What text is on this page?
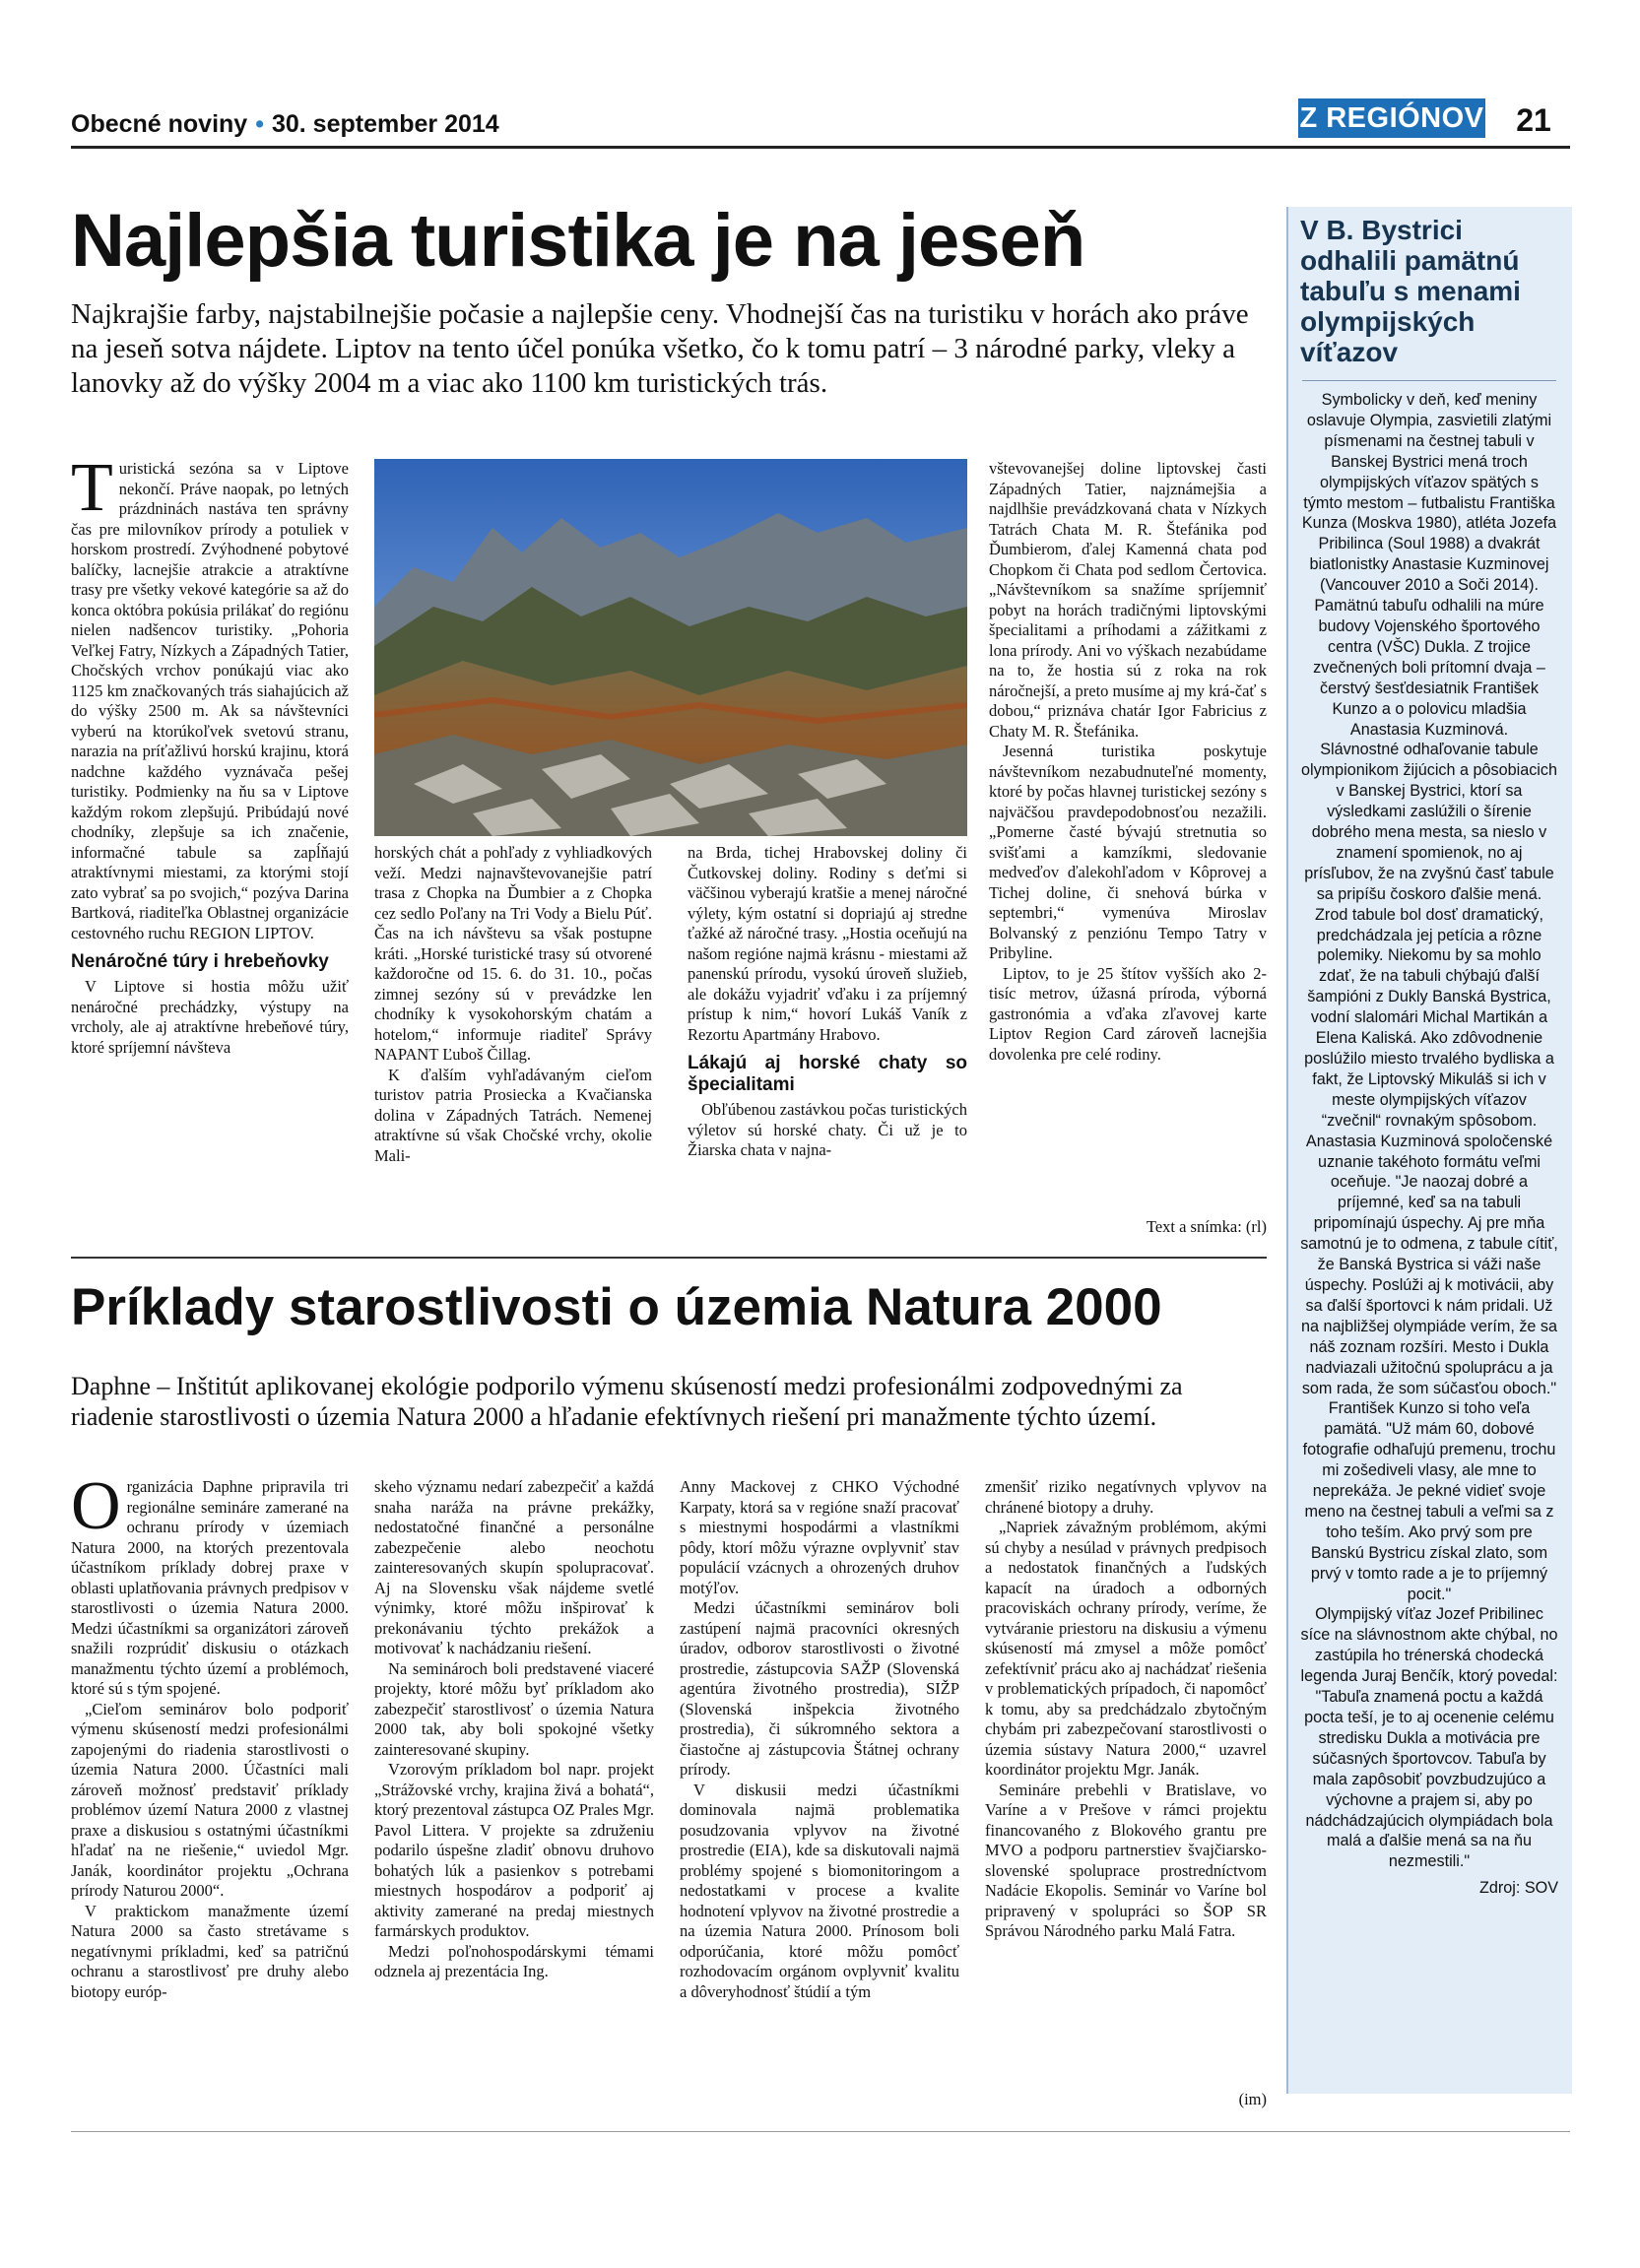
Obecné noviny • 30. september 2014	Z REGIÓNOV	21
Najlepšia turistika je na jeseň
Najkrajšie farby, najstabilnejšie počasie a najlepšie ceny. Vhodnejší čas na turistiku v horách ako práve na jeseň sotva nájdete. Liptov na tento účel ponúka všetko, čo k tomu patrí – 3 národné parky, vleky a lanovky až do výšky 2004 m a viac ako 1100 km turistických trás.

Turistická sezóna sa v Liptove nekončí. Práve naopak, po letných prázdninách nastáva ten správny čas pre milovníkov prírody a potuliek v horskom prostredí. Zvýhodnené pobytové balíčky, lacnejšie atrakcie a atraktívne trasy pre všetky vekové kategórie sa až do konca októbra pokúsia prilákať do regiónu nielen nadšencov turistiky. „Pohoria Veľkej Fatry, Nízkych a Západných Tatier, Chočských vrchov ponúkajú viac ako 1125 km značkovaných trás siahajúcich až do výšky 2500 m. Ak sa návštevníci vyberú na ktorúkoľvek svetovú stranu, narazia na príťažlivú horskú krajinu, ktorá nadchne každého vyznávača pešej turistiky. Podmienky na ňu sa v Liptove každým rokom zlepšujú. Pribúdajú nové chodníky, zlepšuje sa ich značenie, informačné tabule sa zapĺňajú atraktívnymi miestami, za ktorými stojí zato vybrať sa po svojich,“ pozýva Darina Bartková, riaditeľka Oblastnej organizácie cestovného ruchu REGION LIPTOV.

Nenáročné túry i hrebeňovky

V Liptove si hostia môžu užiť nenáročné prechádzky, výstupy na vrcholy, ale aj atraktívne hrebeňové túry, ktoré spríjemní návšteva

horských chát a pohľady z vyhliadkových veží. Medzi najnavštevovanejšie patrí trasa z Chopka na Ďumbier a z Chopka cez sedlo Poľany na Tri Vody a Bielu Púť. Čas na ich návštevu sa však postupne kráti. „Horské turistické trasy sú otvorené každoročne od 15. 6. do 31. 10., počas zimnej sezóny sú v prevádzke len chodníky k vysokohorským chatám a hotelom,“ informuje riaditeľ Správy NAPANT Ľuboš Čillag.

K ďalším vyhľadávaným cieľom turistov patria Prosiecka a Kvačianska dolina v Západných Tatrách. Nemenej atraktívne sú však Chočské vrchy, okolie Mali-

na Brda, tichej Hrabovskej doliny či Čutkovskej doliny. Rodiny s deťmi si väčšinou vyberajú kratšie a menej náročné výlety, kým ostatní si dopriajú aj stredne ťažké až náročné trasy. „Hostia oceňujú na našom regióne najmä krásnu - miestami až panenskú prírodu, vysokú úroveň služieb, ale dokážu vyjadriť vďaku i za príjemný prístup k nim,“ hovorí Lukáš Vaník z Rezortu Apartmány Hrabovo.

Lákajú aj horské chaty so špecialitami

Obľúbenou zastávkou počas turistických výletov sú horské chaty. Či už je to Žiarska chata v najna-

vštevovanejšej doline liptovskej časti Západných Tatier, najznámejšia a najdlhšie prevádzkovaná chata v Nízkych Tatrách Chata M. R. Štefánika pod Ďumbierom, ďalej Kamenná chata pod Chopkom či Chata pod sedlom Čertovica. „Návštevníkom sa snažíme spríjemniť pobyt na horách tradičnými liptovskými špecialitami a príhodami a zážitkami z lona prírody. Ani vo výškach nezabúdame na to, že hostia sú z roka na rok náročnejší, a preto musíme aj my krá-čať s dobou,“ priznáva chatár Igor Fabricius z Chaty M. R. Štefánika.

Jesenná turistika poskytuje návštevníkom nezabudnuteľné momenty, ktoré by počas hlavnej turistickej sezóny s najväčšou pravdepodobnosťou nezažili. „Pomerne časté bývajú stretnutia so svišťami a kamzíkmi, sledovanie medveďov ďalekohľadom v Kôprovej a Tichej doline, či snehová búrka v septembri,“ vymenúva Miroslav Bolvanský z penziónu Tempo Tatry v Pribyline.

Liptov, to je 25 štítov vyšších ako 2-tisíc metrov, úžasná príroda, výborná gastronómia a vďaka zľavovej karte Liptov Region Card zároveň lacnejšia dovolenka pre celé rodiny.

Text a snímka: (rl)
Príklady starostlivosti o územia Natura 2000
Daphne – Inštitút aplikovanej ekológie podporilo výmenu skúseností medzi profesionálmi zodpovednými za riadenie starostlivosti o územia Natura 2000 a hľadanie efektívnych riešení pri manažmente týchto území.

Organizácia Daphne pripravila tri regionálne semináre zamerané na ochranu prírody v územiach Natura 2000, na ktorých prezentovala účastníkom príklady dobrej praxe v oblasti uplatňovania právnych predpisov v starostlivosti o územia Natura 2000. Medzi účastníkmi sa organizátori zároveň snažili rozprúdiť diskusiu o otázkach manažmentu týchto území a problémoch, ktoré sú s tým spojené.

„Cieľom seminárov bolo podporiť výmenu skúseností medzi profesionálmi zapojenými do riadenia starostlivosti o územia Natura 2000. Účastníci mali zároveň možnosť predstaviť príklady problémov území Natura 2000 z vlastnej praxe a diskusiou s ostatnými účastníkmi hľadať na ne riešenie,“ uviedol Mgr. Janák, koordinátor projektu „Ochrana prírody Naturou 2000“.

V praktickom manažmente území Natura 2000 sa často stretávame s negatívnymi príkladmi, keď sa patričnú ochranu a starostlivosť pre druhy alebo biotopy európ-

skeho významu nedarí zabezpečiť a každá snaha naráža na právne prekážky, nedostatočné finančné a personálne zabezpečenie alebo neochotu zainteresovaných skupín spolupracovať. Aj na Slovensku však nájdeme svetlé výnimky, ktoré môžu inšpirovať k prekonávaniu týchto prekážok a motivovať k nachádzaniu riešení.

Na seminároch boli predstavené viaceré projekty, ktoré môžu byť príkladom ako zabezpečiť starostlivosť o územia Natura 2000 tak, aby boli spokojné všetky zainteresované skupiny.

Vzorovým príkladom bol napr. projekt „Strážovské vrchy, krajina živá a bohatá“, ktorý prezentoval zástupca OZ Prales Mgr. Pavol Littera. V projekte sa združeniu podarilo úspešne zladiť obnovu druhovo bohatých lúk a pasienkov s potrebami miestnych hospodárov a podporiť aj aktivity zamerané na predaj miestnych farmárskych produktov.

Medzi poľnohospodárskymi témami odznela aj prezentácia Ing.

Anny Mackovej z CHKO Východné Karpaty, ktorá sa v regióne snaží pracovať s miestnymi hospodármi a vlastníkmi pôdy, ktorí môžu výrazne ovplyvniť stav populácií vzácnych a ohrozených druhov motýľov.

Medzi účastníkmi seminárov boli zastúpení najmä pracovníci okresných úradov, odborov starostlivosti o životné prostredie, zástupcovia SAŽP (Slovenská agentúra životného prostredia), SIŽP (Slovenská inšpekcia životného prostredia), či súkromného sektora a čiastočne aj zástupcovia Štátnej ochrany prírody.

V diskusii medzi účastníkmi dominovala najmä problematika posudzovania vplyvov na životné prostredie (EIA), kde sa diskutovali najmä problémy spojené s biomonitoringom a nedostatkami v procese a kvalite hodnotení vplyvov na životné prostredie a na územia Natura 2000. Prínosom boli odporúčania, ktoré môžu pomôcť rozhodovacím orgánom ovplyvniť kvalitu a dôveryhodnosť štúdií a tým

zmenšiť riziko negatívnych vplyvov na chránené biotopy a druhy.

„Napriek závažným problémom, akými sú chyby a nesúlad v právnych predpisoch a nedostatok finančných a ľudských kapacít na úradoch a odborných pracoviskách ochrany prírody, veríme, že vytváranie priestoru na diskusiu a výmenu skúseností má zmysel a môže pomôcť zefektívniť prácu ako aj nachádzať riešenia v problematických prípadoch, či napomôcť k tomu, aby sa predchádzalo zbytočným chybám pri zabezpečovaní starostlivosti o územia sústavy Natura 2000,“ uzavrel koordinátor projektu Mgr. Janák.

Semináre prebehli v Bratislave, vo Varíne a v Prešove v rámci projektu financovaného z Blokového grantu pre MVO a podporu partnerstiev švajčiarsko-slovenské spoluprace prostredníctvom Nadácie Ekopolis. Seminár vo Varíne bol pripravený v spolupráci so ŠOP SR Správou Národného parku Malá Fatra.

(im)
V B. Bystrici odhalili pamätnú tabuľu s menami olympijských víťazov

Symbolicky v deň, keď meniny oslavuje Olympia, zasvietili zlatými písmenami na čestnej tabuli v Banskej Bystrici mená troch olympijských víťazov spätých s týmto mestom – futbalistu Františka Kunza (Moskva 1980), atléta Jozefa Pribilinca (Soul 1988) a dvakrát biatlonistky Anastasie Kuzminovej (Vancouver 2010 a Soči 2014). Pamätnú tabuľu odhalili na múre budovy Vojenského športového centra (VŠC) Dukla. Z trojice zvečnených boli prítomní dvaja – čerstvý šesťdesiatnik František Kunzo a o polovicu mladšia Anastasia Kuzminová.

Slávnostné odhaľovanie tabule olympionikom žijúcich a pôsobiacich v Banskej Bystrici, ktorí sa výsledkami zaslúžili o šírenie dobrého mena mesta, sa nieslo v znamení spomienok, no aj prísľubov, že na zvyšnú časť tabule sa pripíšu čoskoro ďalšie mená. Zrod tabule bol dosť dramatický, predchádzala jej petícia a rôzne polemiky. Niekomu by sa mohlo zdať, že na tabuli chýbajú ďalší šampióni z Dukly Banská Bystrica, vodní slalomári Michal Martikán a Elena Kaliská. Ako zdôvodnenie poslúžilo miesto trvalého bydliska a fakt, že Liptovský Mikuláš si ich v meste olympijských víťazov “zvečnil“ rovnakým spôsobom.

Anastasia Kuzminová spoločenské uznanie takéhoto formátu veľmi oceňuje. "Je naozaj dobré a príjemné, keď sa na tabuli pripomínajú úspechy. Aj pre mňa samotnú je to odmena, z tabule cítiť, že Banská Bystrica si váži naše úspechy. Poslúži aj k motivácii, aby sa ďalší športovci k nám pridali. Už na najbližšej olympiáde verím, že sa náš zoznam rozšíri. Mesto i Dukla nadviazali užitočnú spoluprácu a ja som rada, že som súčasťou oboch."

František Kunzo si toho veľa pamätá. "Už mám 60, dobové fotografie odhaľujú premenu, trochu mi zošediveli vlasy, ale mne to neprekáža. Je pekné vidieť svoje meno na čestnej tabuli a veľmi sa z toho teším. Ako prvý som pre Banskú Bystricu získal zlato, som prvý v tomto rade a je to príjemný pocit."

Olympijský víťaz Jozef Pribilinec síce na slávnostnom akte chýbal, no zastúpila ho trénerská chodecká legenda Juraj Benčík, ktorý povedal: "Tabuľa znamená poctu a každá pocta teší, je to aj ocenenie celému stredisku Dukla a motivácia pre súčasných športovcov. Tabuľa by mala zapôsobiť povzbudzujúco a výchovne a prajem si, aby po nádchádzajúcich olympiádach bola malá a ďalšie mená sa na ňu nezmestili."

Zdroj: SOV
